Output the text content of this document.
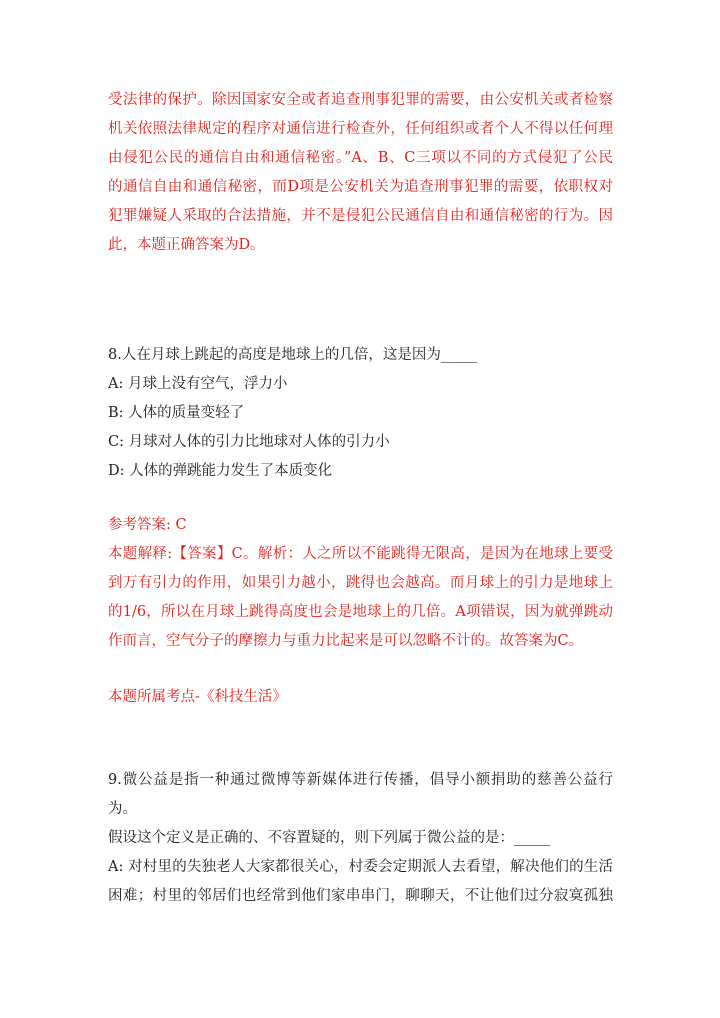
受法律的保护。除因国家安全或者追查刑事犯罪的需要，由公安机关或者检察
机关依照法律规定的程序对通信进行检查外，任何组织或者个人不得以任何理
由侵犯公民的通信自由和通信秘密。”A、B、C三项以不同的方式侵犯了公民
的通信自由和通信秘密，而D项是公安机关为追查刑事犯罪的需要，依职权对
犯罪嫌疑人采取的合法措施，并不是侵犯公民通信自由和通信秘密的行为。因
此，本题正确答案为D。
8.人在月球上跳起的高度是地球上的几倍，这是因为_____
A: 月球上没有空气，浮力小
B: 人体的质量变轻了
C: 月球对人体的引力比地球对人体的引力小
D: 人体的弹跳能力发生了本质变化
参考答案: C
本题解释:【答案】C。解析：人之所以不能跳得无限高，是因为在地球上要受
到万有引力的作用，如果引力越小，跳得也会越高。而月球上的引力是地球上
的1/6，所以在月球上跳得高度也会是地球上的几倍。A项错误，因为就弹跳动
作而言，空气分子的摩擦力与重力比起来是可以忽略不计的。故答案为C。
本题所属考点-《科技生活》
9.微公益是指一种通过微博等新媒体进行传播，倡导小额捐助的慈善公益行
为。
假设这个定义是正确的、不容置疑的，则下列属于微公益的是：_____
A: 对村里的失独老人大家都很关心，村委会定期派人去看望，解决他们的生活
困难；村里的邻居们也经常到他们家串串门，聊聊天，不让他们过分寂寞孤独
